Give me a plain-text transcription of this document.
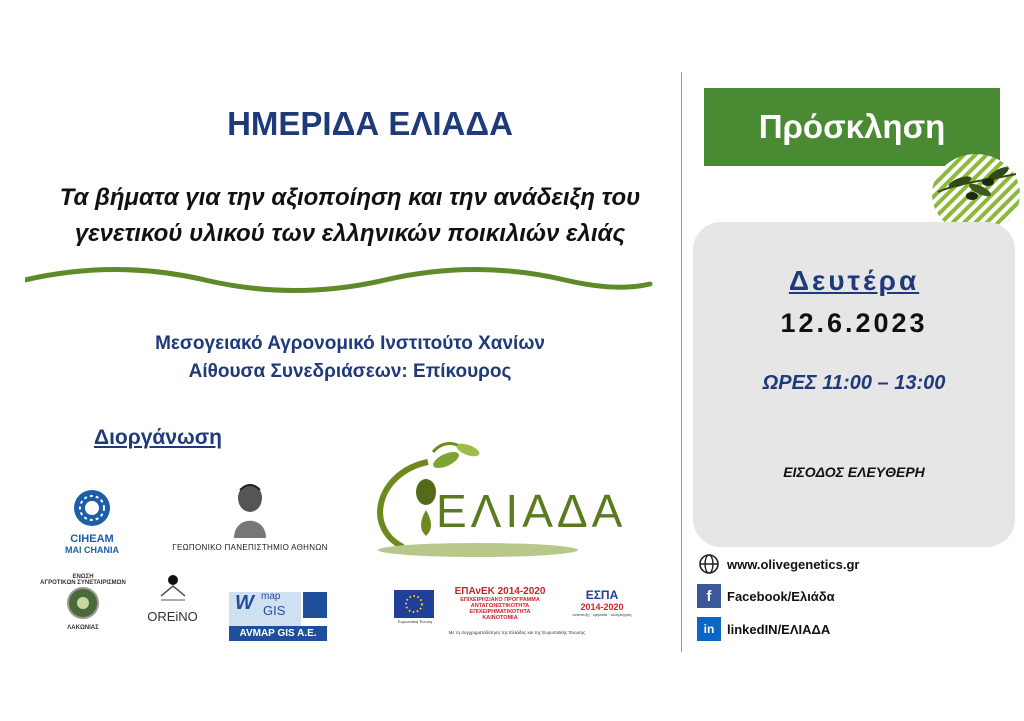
ΗΜΕΡΙΔΑ ΕΛΙΑΔΑ
Τα βήματα για την αξιοποίηση και την ανάδειξη του
γενετικού υλικού των ελληνικών ποικιλιών ελιάς
Μεσογειακό Αγρονομικό Ινστιτούτο Χανίων
Αίθουσα Συνεδριάσεων: Επίκουρος
Διοργάνωση
CIHEAM
MAI CHANIA	ΓΕΩΠΟΝΙΚΟ ΠΑΝΕΠΙΣΤΗΜΙΟ ΑΘΗΝΩΝ
ΕΛΙΑΔΑ
ΕΝΩΣΗ
ΑΓΡΟΤΙΚΩΝ ΣΥΝΕΤΑΙΡΙΣΜΩΝ
ΛΑΚΩΝΙΑΣ
OREiNO
W map
GIS
AVMAP GIS A.E.
Ευρωπαϊκή Ένωση
ΕΠΑνΕΚ 2014-2020
ΕΠΙΧΕΙΡΗΣΙΑΚΟ ΠΡΟΓΡΑΜΜΑ
ΑΝΤΑΓΩΝΙΣΤΙΚΟΤΗΤΑ
ΕΠΙΧΕΙΡΗΜΑΤΙΚΟΤΗΤΑ
ΚΑΙΝΟΤΟΜΙΑ
ΕΣΠΑ
2014-2020
ανάπτυξη · εργασία · αλληλεγγύη
Με τη συγχρηματοδότηση της Ελλάδας και της Ευρωπαϊκής Ένωσης
Πρόσκληση
Δευτέρα
12.6.2023
ΩΡΕΣ 11:00 – 13:00
ΕΙΣΟΔΟΣ ΕΛΕΥΘΕΡΗ
www.olivegenetics.gr
f	Facebook/Ελιάδα
in linkedIN/ΕΛΙΑΔΑ
